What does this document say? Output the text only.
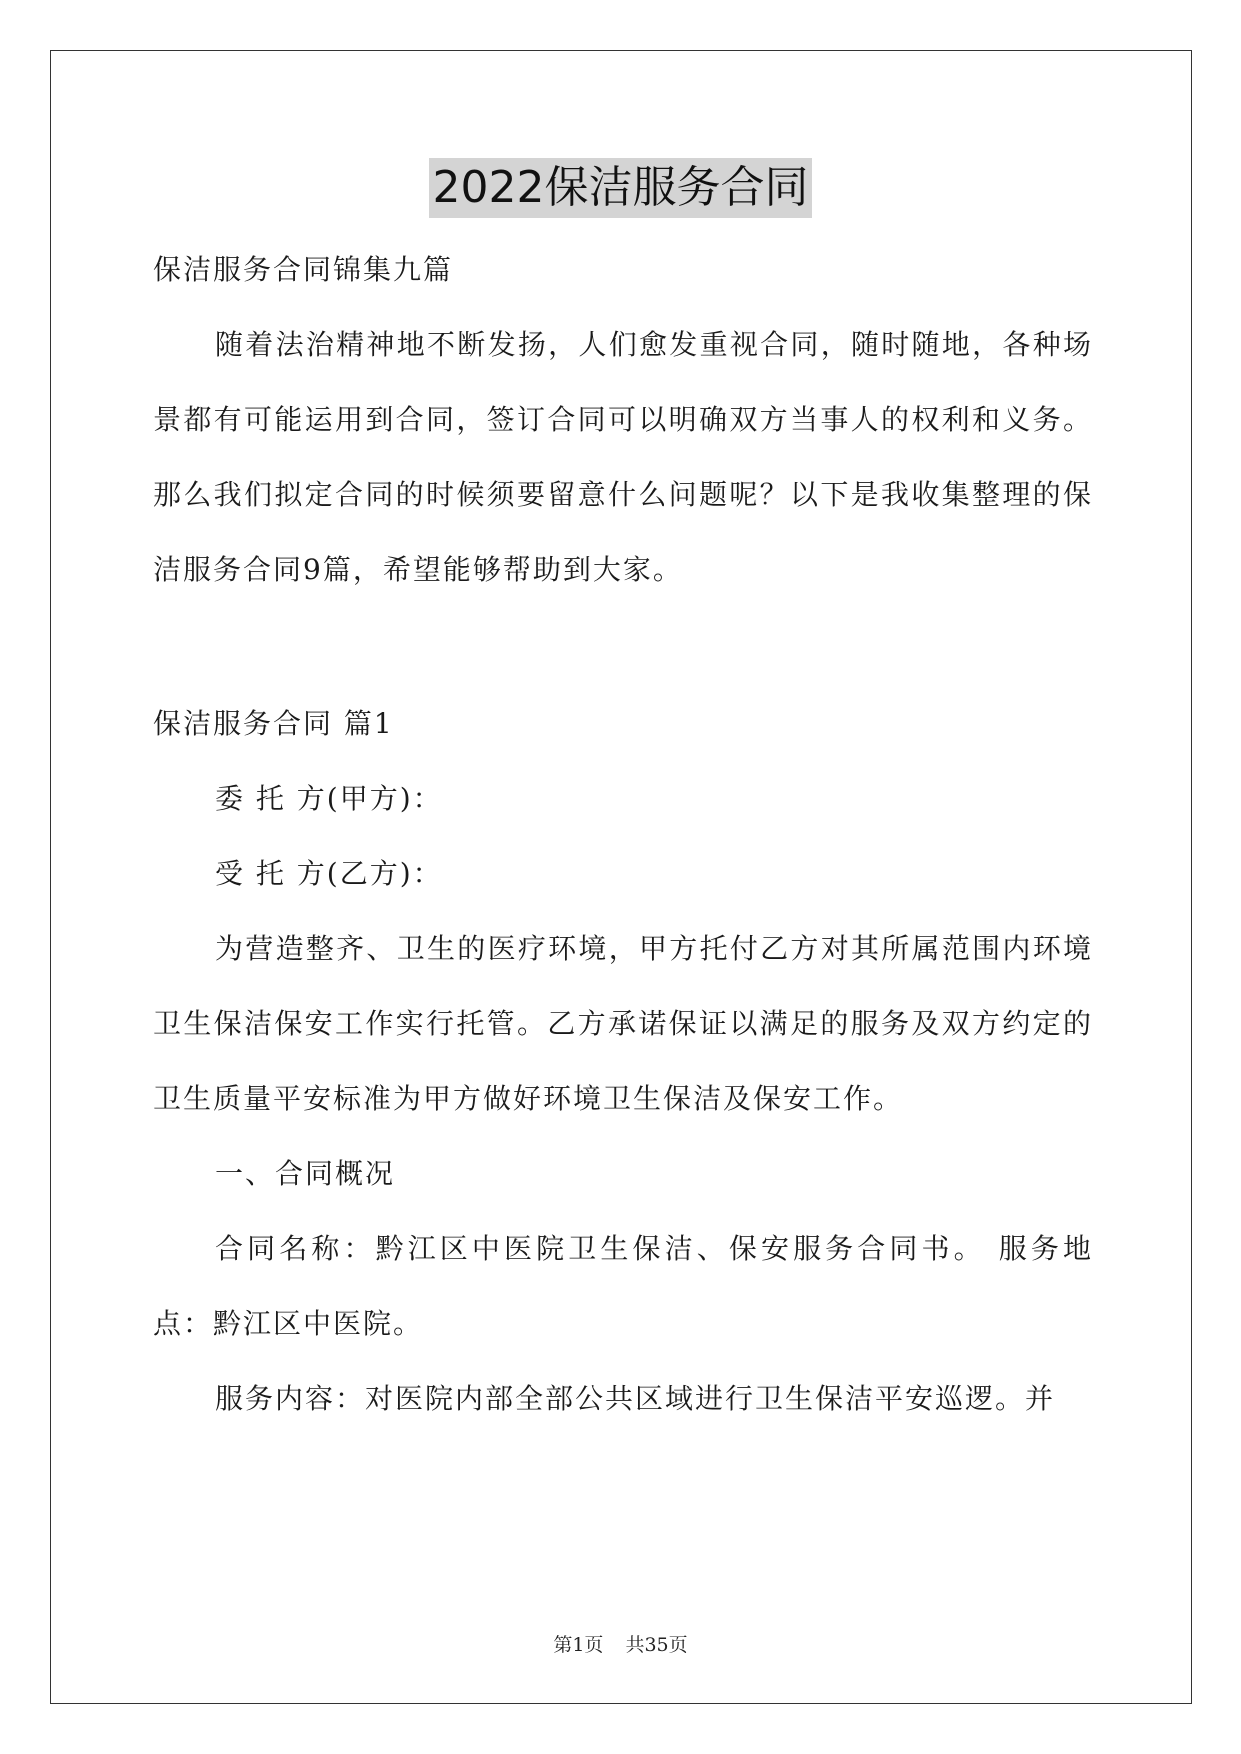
2022保洁服务合同

保洁服务合同锦集九篇

随着法治精神地不断发扬，人们愈发重视合同，随时随地，各种场景都有可能运用到合同，签订合同可以明确双方当事人的权利和义务。那么我们拟定合同的时候须要留意什么问题呢？以下是我收集整理的保洁服务合同9篇，希望能够帮助到大家。

保洁服务合同 篇1

委 托 方(甲方)：

受 托 方(乙方)：

为营造整齐、卫生的医疗环境，甲方托付乙方对其所属范围内环境卫生保洁保安工作实行托管。乙方承诺保证以满足的服务及双方约定的卫生质量平安标准为甲方做好环境卫生保洁及保安工作。

一、合同概况

合同名称：黔江区中医院卫生保洁、保安服务合同书。 服务地点：黔江区中医院。

服务内容：对医院内部全部公共区域进行卫生保洁平安巡逻。并

第1页 共35页
